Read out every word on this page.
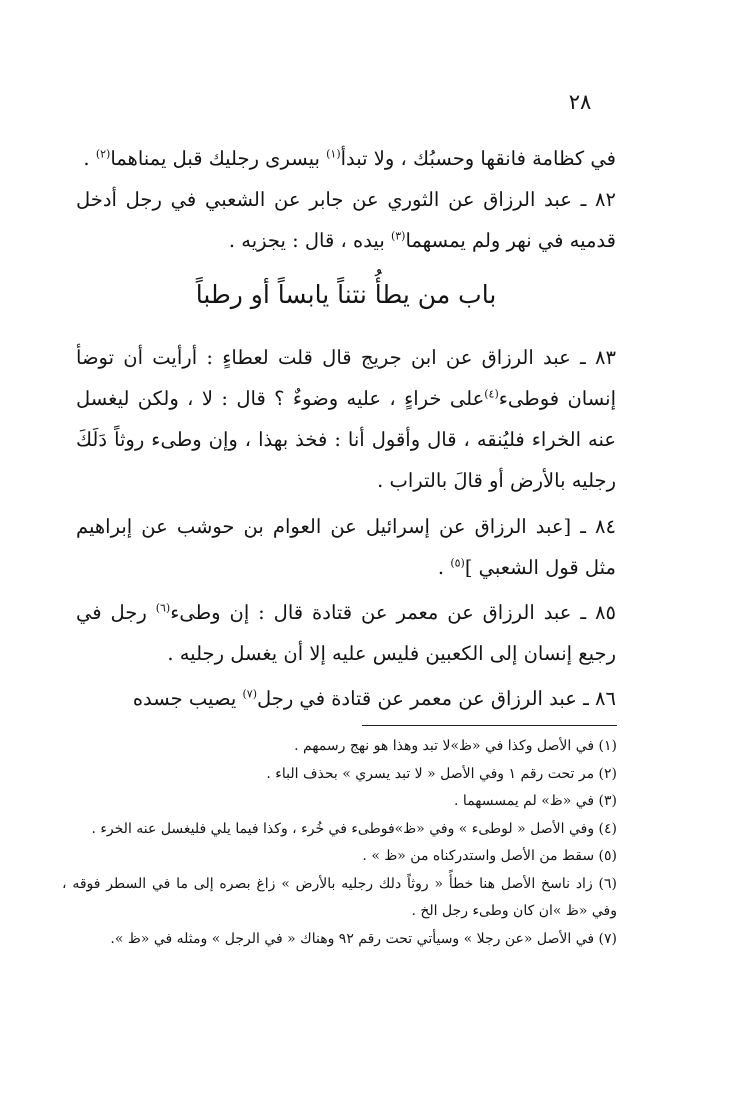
٢٨

في كظامة فانقها وحسبُك ، ولا تبدأ$^{(١)}$ بيسرى رجليك قبل يمناهما$^{(٢)}$ .

٨٢ ـ عبد الرزاق عن الثوري عن جابر عن الشعبي في رجل أدخل قدميه في نهر ولم يمسهما$^{(٣)}$ بيده ، قال : يجزيه .

باب من يطأُ نتناً يابساً أو رطباً

٨٣ ـ عبد الرزاق عن ابن جريج قال قلت لعطاءٍ : أرأيت أن توضأ إنسان فوطىء$^{(٤)}$على خراءٍ ، عليه وضوءٌ ؟ قال : لا ، ولكن ليغسل عنه الخراء فليُنقه ، قال وأقول أنا : فخذ بهذا ، وإن وطىء روثاً دَلَكَ رجليه بالأرض أو قالَ بالتراب .

٨٤ ـ [عبد الرزاق عن إسرائيل عن العوام بن حوشب عن إبراهيم مثل قول الشعبي ]$^{(٥)}$ .

٨٥ ـ عبد الرزاق عن معمر عن قتادة قال : إن وطىء$^{(٦)}$ رجل في رجيع إنسان إلى الكعبين فليس عليه إلا أن يغسل رجليه .

٨٦ ـ عبد الرزاق عن معمر عن قتادة في رجل$^{(٧)}$ يصيب جسده

(١) في الأصل وكذا في «ظ»لا تبد وهذا هو نهج رسمهم .
(٢) مر تحت رقم ١ وفي الأصل « لا تبد يسري » بحذف الباء .
(٣) في «ظ» لم يمسسهما .
(٤) وفي الأصل « لوطىء » وفي «ظ»فوطىء في خُرء ، وكذا فيما يلي فليغسل عنه الخرء .
(٥) سقط من الأصل واستدركناه من «ظ » .
(٦) زاد ناسخ الأصل هنا خطأً « روثاً دلك رجليه بالأرض » زاغ بصره إلى ما في السطر فوقه ، وفي «ظ »ان كان وطىء رجل الخ .
(٧) في الأصل «عن رجلا » وسيأتي تحت رقم ٩٢ وهناك « في الرجل » ومثله في «ظ ».
